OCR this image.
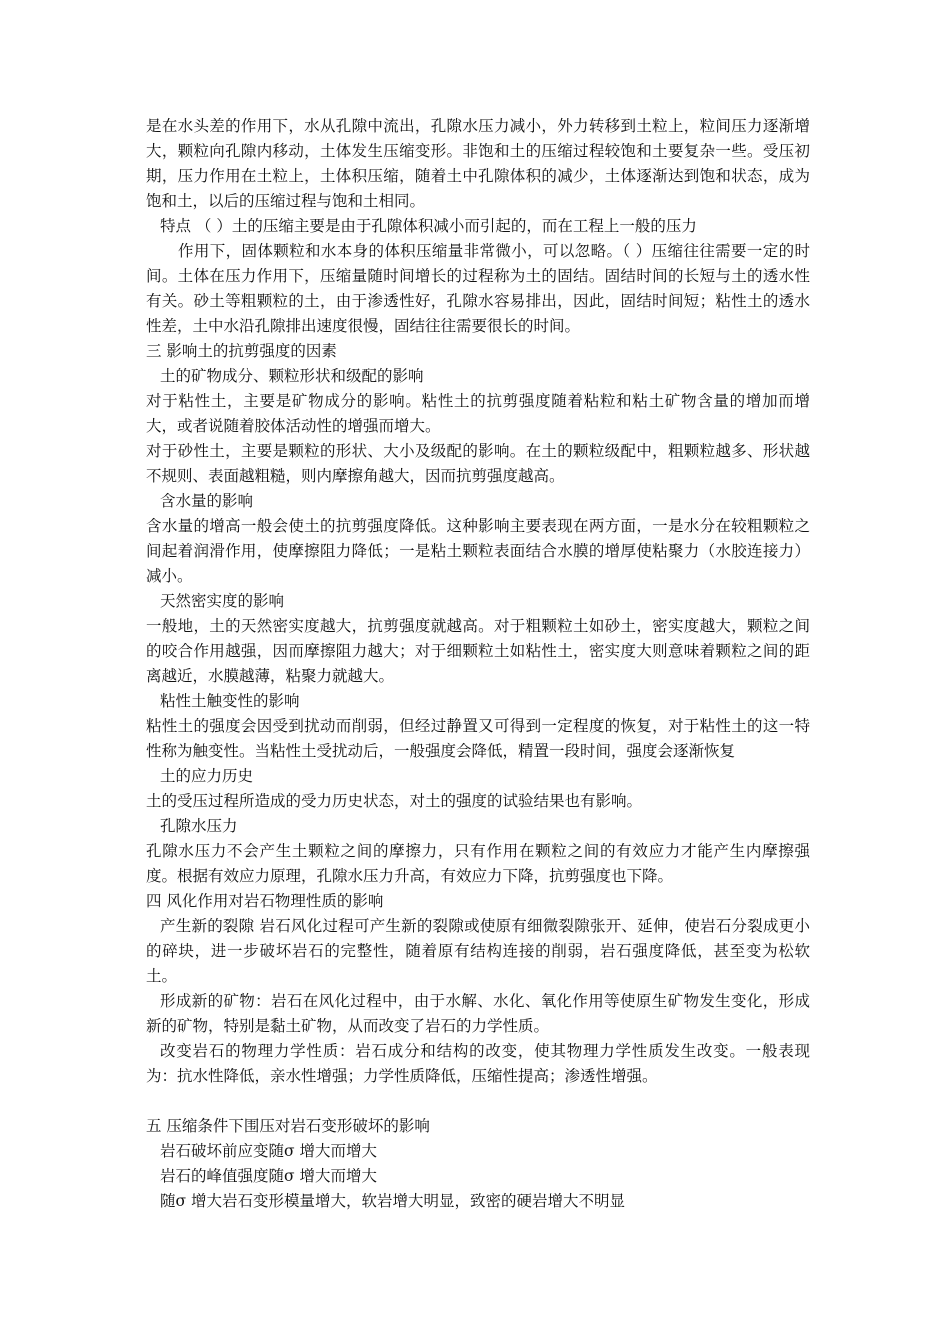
是在水头差的作用下，水从孔隙中流出，孔隙水压力减小，外力转移到土粒上，粒间压力逐渐增大，颗粒向孔隙内移动，土体发生压缩变形。非饱和土的压缩过程较饱和土要复杂一些。受压初期，压力作用在土粒上，土体积压缩，随着土中孔隙体积的减少，土体逐渐达到饱和状态，成为饱和土，以后的压缩过程与饱和土相同。

特点 （ ）土的压缩主要是由于孔隙体积减小而引起的，而在工程上一般的压力

作用下，固体颗粒和水本身的体积压缩量非常微小，可以忽略。（ ）压缩往往需要一定的时间。土体在压力作用下，压缩量随时间增长的过程称为土的固结。固结时间的长短与土的透水性有关。砂土等粗颗粒的土，由于渗透性好，孔隙水容易排出，因此，固结时间短；粘性土的透水性差，土中水沿孔隙排出速度很慢，固结往往需要很长的时间。

三 影响土的抗剪强度的因素

土的矿物成分、颗粒形状和级配的影响

对于粘性土，主要是矿物成分的影响。粘性土的抗剪强度随着粘粒和粘土矿物含量的增加而增大，或者说随着胶体活动性的增强而增大。

对于砂性土，主要是颗粒的形状、大小及级配的影响。在土的颗粒级配中，粗颗粒越多、形状越不规则、表面越粗糙，则内摩擦角越大，因而抗剪强度越高。

含水量的影响

含水量的增高一般会使土的抗剪强度降低。这种影响主要表现在两方面，一是水分在较粗颗粒之间起着润滑作用，使摩擦阻力降低；一是粘土颗粒表面结合水膜的增厚使粘聚力（水胶连接力）减小。

天然密实度的影响

一般地，土的天然密实度越大，抗剪强度就越高。对于粗颗粒土如砂土，密实度越大，颗粒之间的咬合作用越强，因而摩擦阻力越大；对于细颗粒土如粘性土，密实度大则意味着颗粒之间的距离越近，水膜越薄，粘聚力就越大。

粘性土触变性的影响

粘性土的强度会因受到扰动而削弱，但经过静置又可得到一定程度的恢复，对于粘性土的这一特性称为触变性。当粘性土受扰动后，一般强度会降低，精置一段时间，强度会逐渐恢复

土的应力历史

土的受压过程所造成的受力历史状态，对土的强度的试验结果也有影响。

孔隙水压力

孔隙水压力不会产生土颗粒之间的摩擦力，只有作用在颗粒之间的有效应力才能产生内摩擦强度。根据有效应力原理，孔隙水压力升高，有效应力下降，抗剪强度也下降。

四 风化作用对岩石物理性质的影响

产生新的裂隙 岩石风化过程可产生新的裂隙或使原有细微裂隙张开、延伸，使岩石分裂成更小的碎块，进一步破坏岩石的完整性，随着原有结构连接的削弱，岩石强度降低，甚至变为松软土。

形成新的矿物：岩石在风化过程中，由于水解、水化、氧化作用等使原生矿物发生变化，形成新的矿物，特别是黏土矿物，从而改变了岩石的力学性质。

改变岩石的物理力学性质：岩石成分和结构的改变，使其物理力学性质发生改变。一般表现为：抗水性降低，亲水性增强；力学性质降低，压缩性提高；渗透性增强。

五 压缩条件下围压对岩石变形破坏的影响

岩石破坏前应变随σ 增大而增大

岩石的峰值强度随σ 增大而增大

随σ 增大岩石变形模量增大，软岩增大明显，致密的硬岩增大不明显
